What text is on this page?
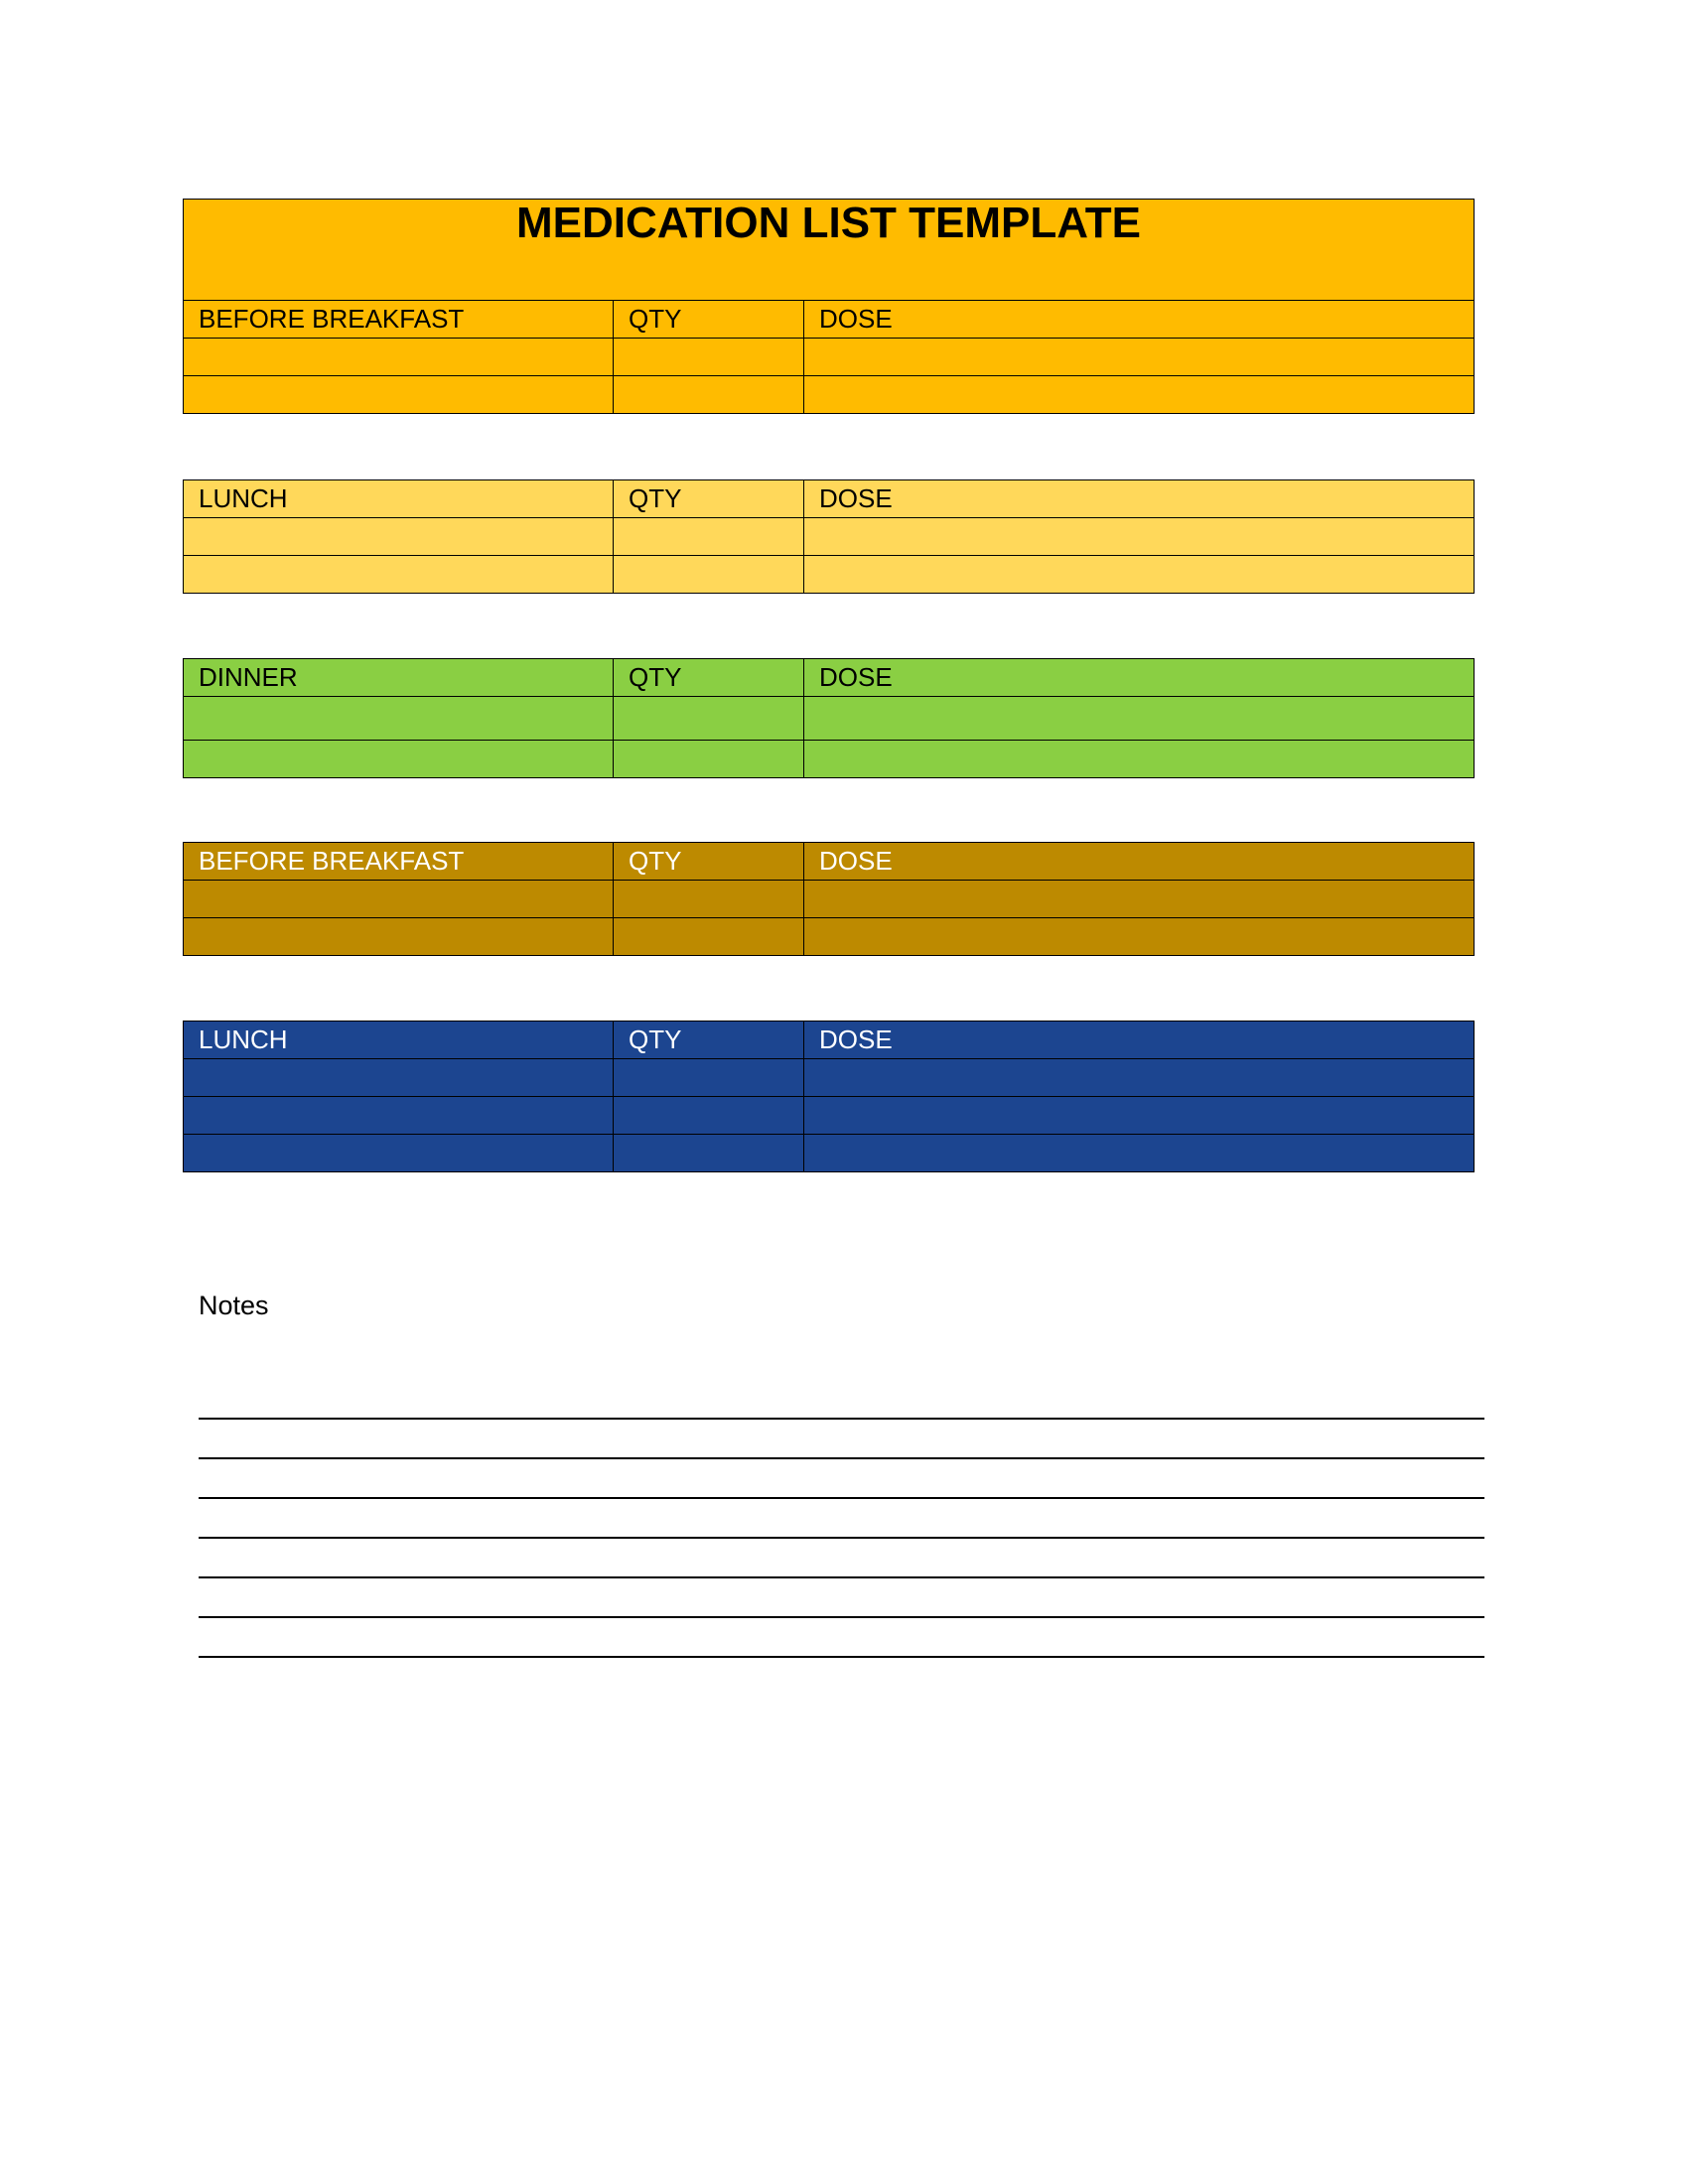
MEDICATION LIST TEMPLATE		
BEFORE BREAKFAST	QTY	DOSE

LUNCH	QTY	DOSE

DINNER	QTY	DOSE

BEFORE BREAKFAST	QTY	DOSE

LUNCH	QTY	DOSE

Notes
